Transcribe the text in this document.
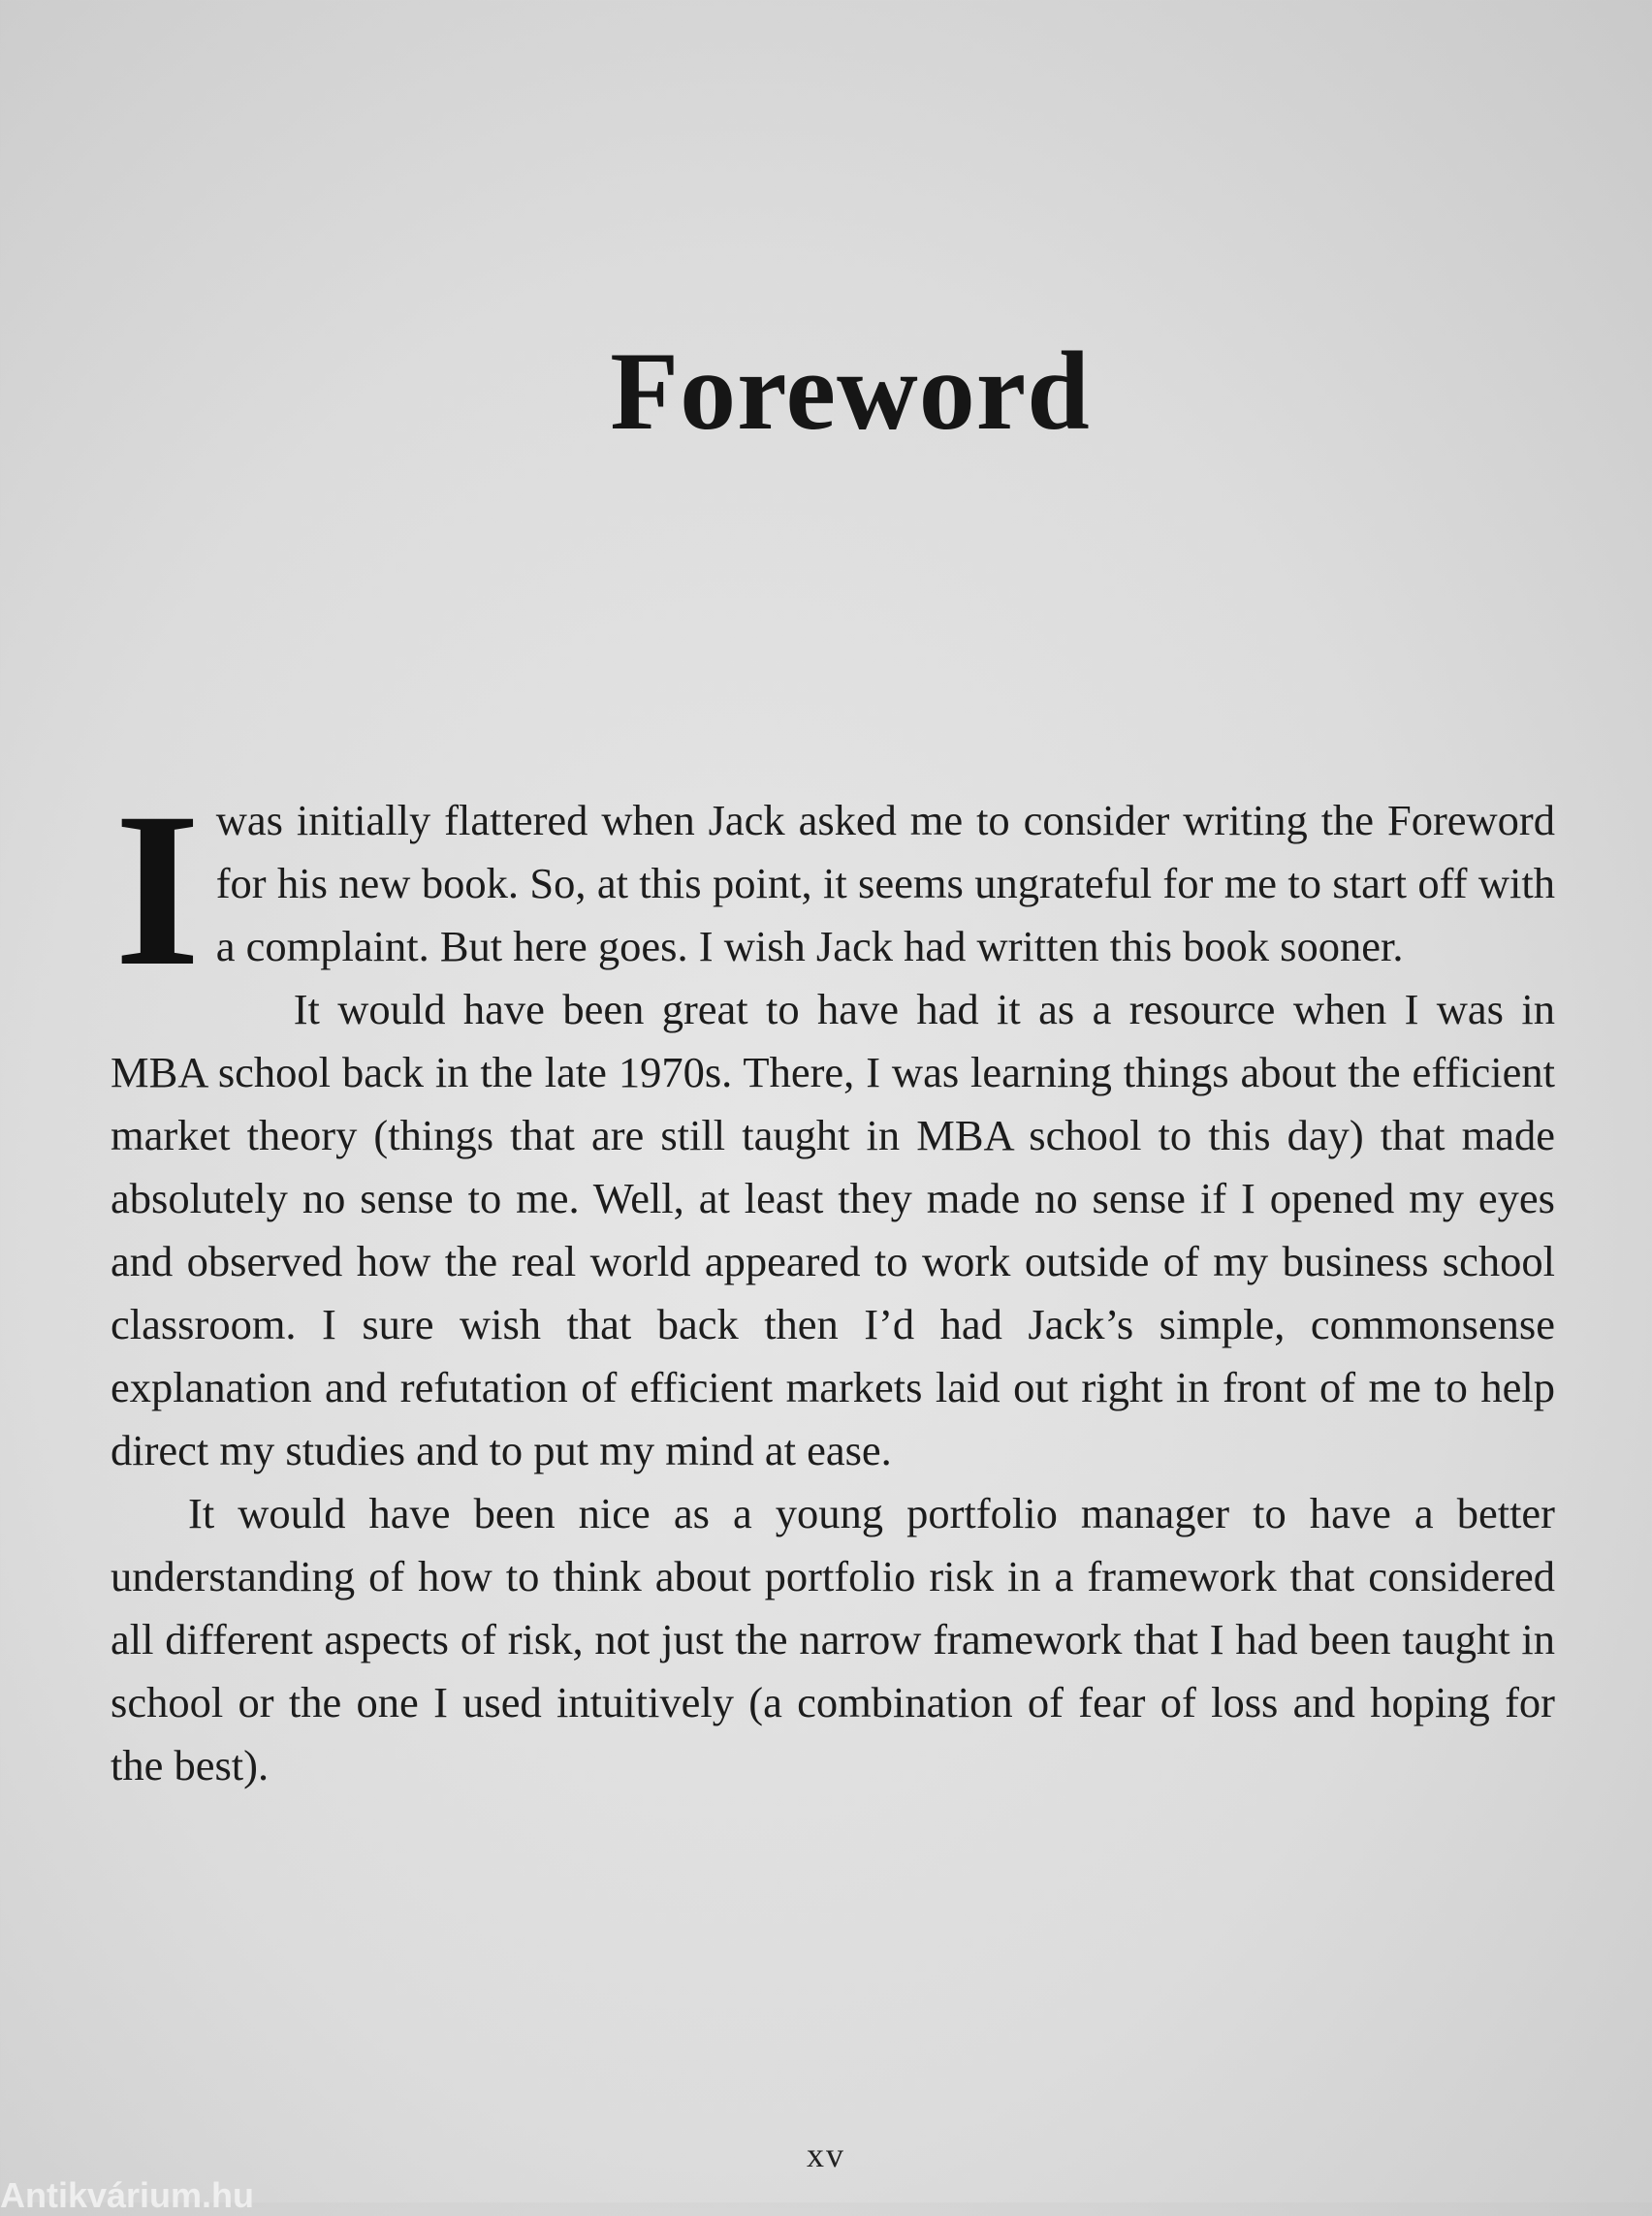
Foreword

Iwas initially flattered when Jack asked me to consider writing the Foreword for his new book. So, at this point, it seems ungrateful for me to start off with a complaint. But here goes. I wish Jack had written this book sooner.

It would have been great to have had it as a resource when I was in MBA school back in the late 1970s. There, I was learning things about the efficient market theory (things that are still taught in MBA school to this day) that made absolutely no sense to me. Well, at least they made no sense if I opened my eyes and observed how the real world appeared to work outside of my business school classroom. I sure wish that back then I’d had Jack’s simple, commonsense explanation and refutation of efficient markets laid out right in front of me to help direct my studies and to put my mind at ease.

It would have been nice as a young portfolio manager to have a better understanding of how to think about portfolio risk in a framework that considered all different aspects of risk, not just the narrow framework that I had been taught in school or the one I used intuitively (a combination of fear of loss and hoping for the best).

xv
Antikvárium.hu
